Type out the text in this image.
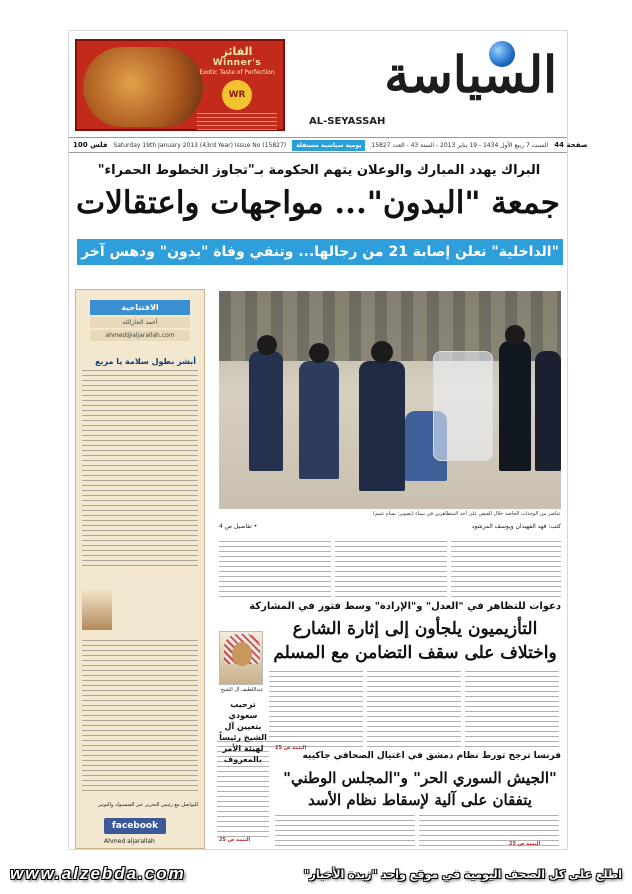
الفائز
Winner's
Exotic Taste of Perfection
WR	السياسة
AL-SEYASSAH
100 فلس Saturday 19th January 2013 (43rd Year) Issue No (15827)	يومية سياسية مستقلة	السبت 7 ربيع الأول 1434 - 19 يناير 2013 - السنة 43 - العدد 15827 44 صفحة
البراك يهدد المبارك والوعلان يتهم الحكومة بـ"تجاوز الخطوط الحمراء"
جمعة "البدون"... مواجهات واعتقالات
"الداخلية" تعلن إصابة 21 من رجالها... وتنفي وفاة "بدون" ودهس آخر
الافتتاحية
أحمد الجارالله
ahmed@aljarallah.com
أبشر بطول سلامة يا مربع
للتواصل مع رئيس التحرير عبر الفيسبوك والتويتر
facebook
Ahmed aljarallah
عناصر من الوحدات الخاصة خلال القبض على أحد المتظاهرين في تيماء (تصوير: بسام غنيم)
كتب: فهد الفهيدان ويوسف المرشود
• تفاصيل ص 4
دعوات للتظاهر في "العدل" و"الإرادة" وسط فتور في المشاركة
التأزيميون يلجأون إلى إثارة الشارع
واختلاف على سقف التضامن مع المسلم
التتمة ص 25
عبداللطيف آل الشيخ
ترحيب سعودي بتعيين آل الشيخ رئيساً لهيئة الأمر بالمعروف
التتمة ص 25
فرنسا ترجح تورط نظام دمشق في اغتيال الصحافي جاكييه
"الجيش السوري الحر" و"المجلس الوطني"
يتفقان على آلية لإسقاط نظام الأسد
التتمة ص 25
www.alzebda.com	اطلع على كل الصحف اليومية في موقع واحد "زبدة الأخبار"
